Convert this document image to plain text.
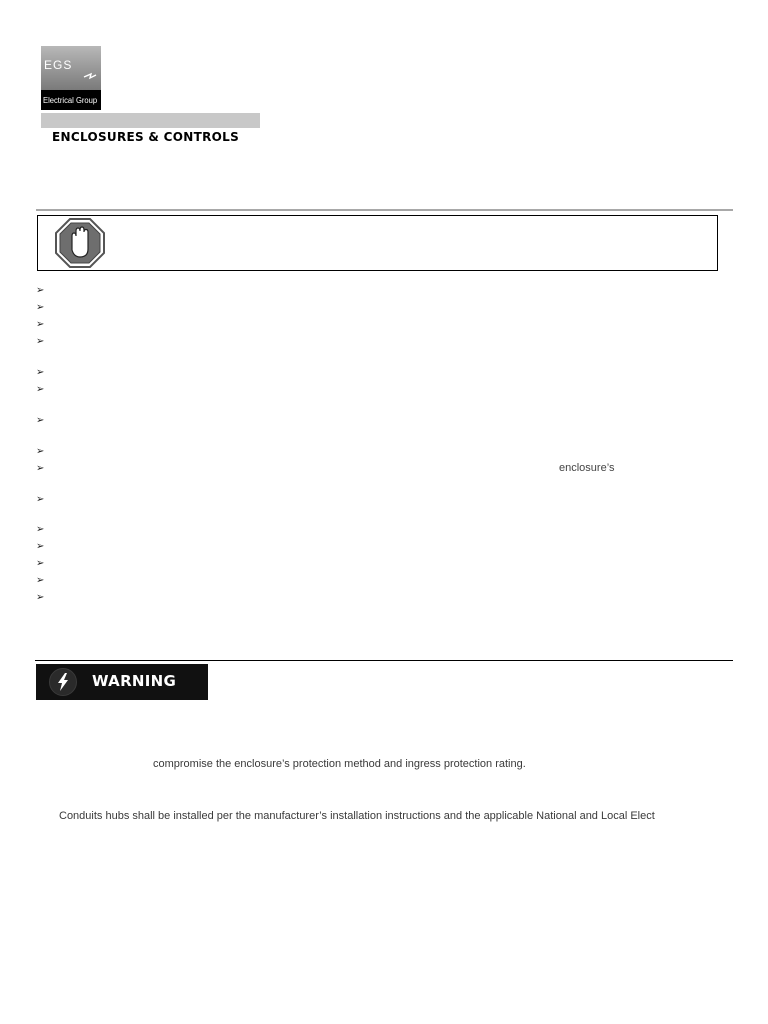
EGS
Electrical Group
ENCLOSURES & CONTROLS
➢
➢
➢
➢
➢
➢
➢
➢
➢
➢
➢
➢
➢
➢
➢
enclosure’s
WARNING
compromise the enclosure’s protection method and ingress protection rating.
Conduits hubs shall be installed per the manufacturer’s installation instructions and the applicable National and Local Elect
